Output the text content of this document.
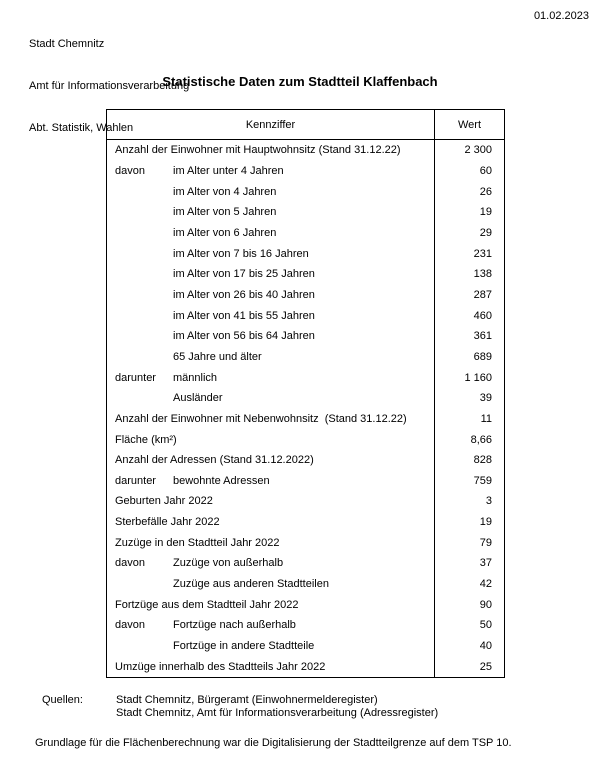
Stadt Chemnitz

Amt für Informationsverarbeitung

Abt. Statistik, Wahlen

01.02.2023
Statistische Daten zum Stadtteil Klaffenbach
Kennziffer	Wert
Anzahl der Einwohner mit Hauptwohnsitz (Stand 31.12.22)	2 300
davon	im Alter unter 4 Jahren	60
im Alter von 4 Jahren	26
im Alter von 5 Jahren	19
im Alter von 6 Jahren	29
im Alter von 7 bis 16 Jahren	231
im Alter von 17 bis 25 Jahren	138
im Alter von 26 bis 40 Jahren	287
im Alter von 41 bis 55 Jahren	460
im Alter von 56 bis 64 Jahren	361
65 Jahre und älter	689
darunter männlich	1 160
Ausländer	39
Anzahl der Einwohner mit Nebenwohnsitz  (Stand 31.12.22)	11
Fläche (km²)	8,66
Anzahl der Adressen (Stand 31.12.2022)	828
darunter bewohnte Adressen	759
Geburten Jahr 2022	3
Sterbefälle Jahr 2022	19
Zuzüge in den Stadtteil Jahr 2022	79
davon	Zuzüge von außerhalb	37
Zuzüge aus anderen Stadtteilen	42
Fortzüge aus dem Stadtteil Jahr 2022	90
davon	Fortzüge nach außerhalb	50
Fortzüge in andere Stadtteile	40
Umzüge innerhalb des Stadtteils Jahr 2022	25
Quellen:	Stadt Chemnitz, Bürgeramt (Einwohnermelderegister)
Stadt Chemnitz, Amt für Informationsverarbeitung (Adressregister)
Grundlage für die Flächenberechnung war die Digitalisierung der Stadtteilgrenze auf dem TSP 10.
